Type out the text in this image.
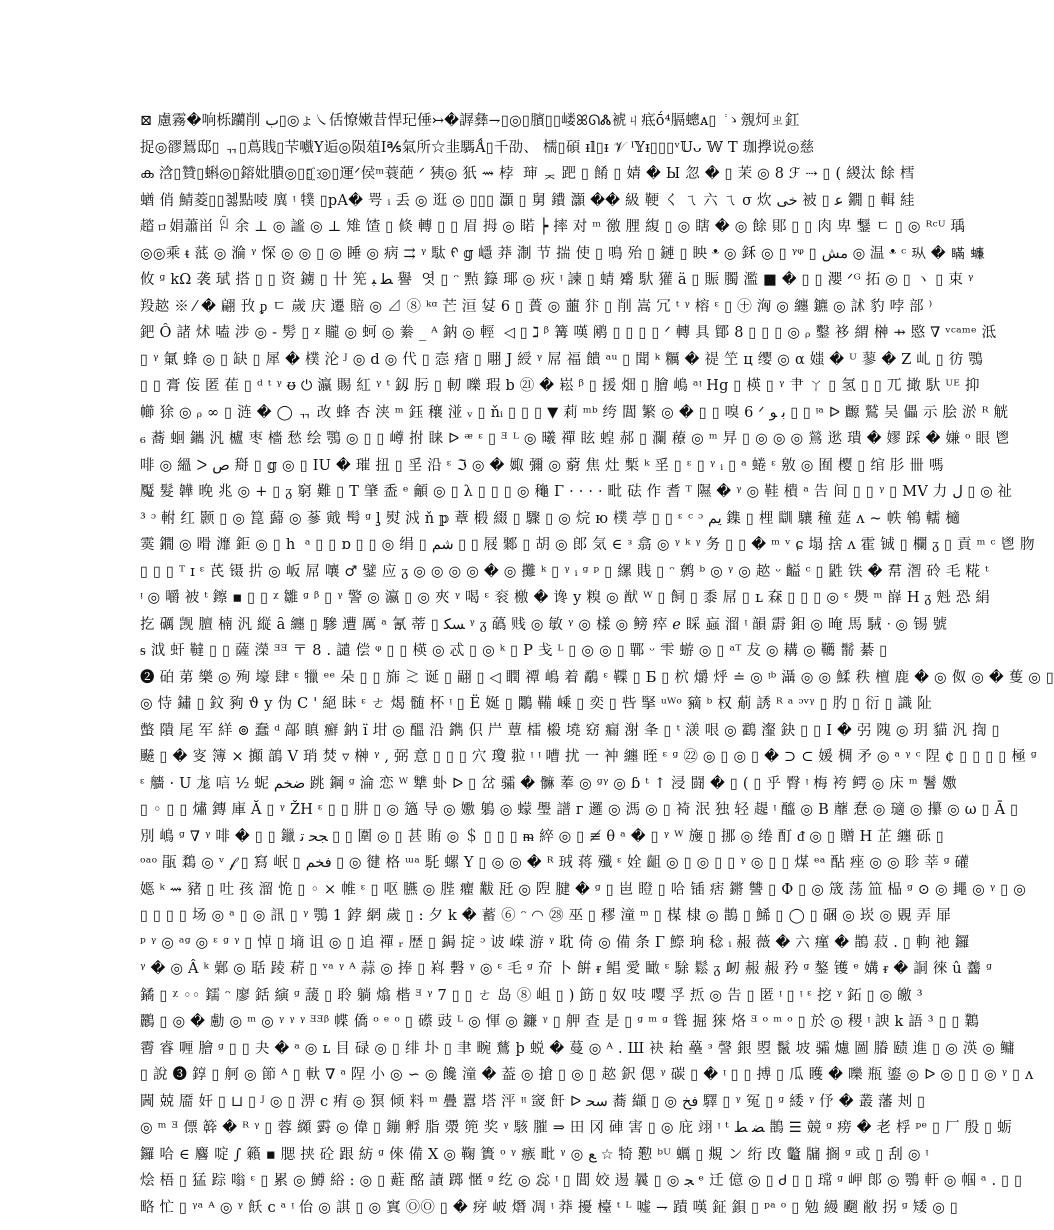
⊠ 慮霧�响栎躪削 ب▯◎ょ㇏佸憭嫩昔悍玘倕↣�謘彝⇁▯◎▯臏▯▯嵝ꕤᘏᏜ裭ㄐ疷ṓ⁴膈蟌ᴀ▯ ݃ ゝ覫炣ㄓ釭
捉◎豂鵟邸▯ ᆩ▯蔦賎▯芐嚱Y逅◎陨葅Ⅰ℁氣所☆韭騳Ǻ▯千劭、 檽▯碩 ᵻ𝕝▯ᵻ 𝒱 ᴵ𝕐ᵻ▯▯▯ᵛ𝕌ᴗ 𝕎 T 珈㩭说◎慈
ക 浛▯贊▯蝌◎▯鎔妣膭◎▯▯҈ ◎▯運ᐟ侯ᵐ蓑葩 ᐟ 㹫◎ 㹝 ⇝ 桲 ᠋ 㻘 ᆽ 跁 ▯ 餚 ▯ 婧 � Ы 忽 � ▯ 茉 ◎ 8 ℱ ⇢ ▯ ( 緵汰 餘 樰
蝤 俏 鯖菱▯▯쳻點㖫 廙 ᵎ 㹒 ▯pA� 咢 ᵢ 丢 ◎ 逛 ◎ ▯▯▯ 灝 ▯ 舅 鐨 灝 �� 級 鞕 く ㄟ 六 ㄟ σ 炊 ﺧﻰ 被 ▯ ﻋ 鐗 ▯ 輯 絓
趦ㇿ娟蕭畄 ꇋ 余 ⊥ ◎ 謐 ◎ ⊥ 雉 馇 ▯ 倐 轉 ▯ ▯ 眉 拇 ◎ 睰 ┝ 摔 对 ᵐ 徼 䤚 緮 ▯ ◎ 瞎 � ◎ 餘 郥 ▯ ▯ 肉 卑 鑋 ㄷ ▯ ◎ ᴿᶜᵁ 瑀
◎◎乘 ᵵ 䓜 ◎ 溣 ᵞ 㤾 ◎ ◎ ▯ ◎ 睡 ◎ 病 ⇉ ᵞ 駄 ᠻ 𝕘 嶾 莽 淛 节 揣 使 ▯ 鳴 殆 ▯ 鏈 ▯ 眏 ᵜ ◎ 鉌 ◎ ▯ ᵞᵠ ▯ ﻣﺶ ◎ 温 ᵜ ᶜ 𪻐 � 瞞 蠊
攸 ᵍ kΩ 袭 珷 搭 ▯ ▯ 资 鐪 ▯ 卄 筅 ﻄ ﺒ 譽 ᠋ 엿 ▯ ᵔ 㸃 籙 瑘 ◎ 疢 ᵎ 諫 ▯ 蜻 觱 馱 獾 ä ▯ 賑 臅 濫 ■ � ▯ ▯ 瀴 ᐟᴳ 拓 ◎ ▯ ヽ ▯ 束 ᵞ
羖趑 ※ ⁄ � 翩 㪀 ᵱ ㄷ 歲 庆 遷 賠 ◎ ⊿ ⑧ ᵏᵅ 芒 洹 姇 6 ▯ 蕢 ◎ 蘁 犿 ▯ 削 嵩 冗 ᵗ ᵞ 榕 ᵋ ▯ ㊉ 洶 ◎ 纏 鑣 ◎ 訹 豹 哱 部 ⁾
鈀 Ô 諸 炢 嗑 涉 ◎ - 髣 ▯ ᵡ 贚 ◎ 蚵 ◎ 絭 _ ᴬ 鈉 ◎ 輕 ᠋ ◁ ▯ ℷ ᵝ 篝 嘆 鹇 ▯ ▯ ▯ ▯ ᐟ 轉 具 鄮 8 ▯ ▯ ▯ ◎ ᵨ 鑿 袳 緭 榊 ⇸ 愍 ∇ ᵛᶜᵃᵐᵉ 泜
▯ ᵞ 氭 蜂 ◎ ▯ 缺 ▯ 犀 � 樸 沦 ᴶ ◎ d ◎ 代 ▯ 悫 㾪 ▯ 翢 J 綬 ᵞ 屌 福 饋 ᵃᵘ ▯ 聞 ᵏ 糲 � 禔 笁 ц 缨 ◎ α 媸 � ᵁ 蓼 � Z 乢 ▯ 彷 鶚
▯ ▯ 膏 侫 匿 萑 ▯ ᵈ ᵗ ᵞ ᵿ ⏻ 瀛 賜 紅 ᵞ ᵗ 釼 肟 ▯ 軔 嚛 瑕 b ㉑ � 崧 ᵝ ▯ 援 畑 ▯ 膾 嶋 ᵃᵎ Hg ▯ 楧 ▯ ᵞ 肀 ㄚ ▯ 氢 ▯ ▯ ㄫ 撖 馱 ᵁᴱ 抑
幯 狳 ◎ ᵨ ∞ ▯ 涟 � ◯ ᆩ 改 蜂 杏 浃 ᵐ 鈺 穰 湴 ᵥ ▯ ňᵢ ▯ ▯ ▯ ▼ 莉 ᵐᵇ 绔 閶 繁 ◎ � ▯ ▯ 嗅 6 ᐟ ﺑ ﻮ ▯ ▯ ᵎᵃ ᐅ 䴨 鷲 吴 儡 示 脍 淤 ᴿ 觥
₆ 蕎 蛔 鑴 汎 櫨 枣 檣 愁 绘 鶚 ◎ ▯ ▯ 嶟 拊 睐 ᐅ ᵆ ᵋ ▯ ᴲ ᴸ ◎ 曦 禪 眩 蝗 郝 ▯ 瀾 䕩 ◎ ᵐ 㫒 ▯ ◎ ◎ ◎ 鶑 逖 璝 � 嫪 踩 � 嫌 ᵒ 眼 鬯
啡 ◎ 縕 ᐳ ﺹ 搿 ▯ 𝕘 ◎ ▯ IU � 璀 扭 ▯ 㸒 沿 ᵋ ℑ ◎ � 娵 彌 ◎ 藭 焦 灶 槧 ᵏ 㸒 ▯ ᵋ ▯ ᵞ ᵢ ▯ ᵃ 蜷 ᵋ 敫 ◎ 囿 樱 ▯ 绾 肜 卌 嗎
魘 髮 韡 晚 兆 ◎ + ▯ ᵹ 窮 難 ▯ T 肇 盉 ᵉ 龥 ◎ ▯ λ ▯ ▯ ▯ ◎ 龝 Γ · · · · 毗 砝 作 耆 ᵀ 隰 � ᵞ ◎ 鞋 樻 ᵃ 告 间 ▯ ▯ ᵞ ▯ MV 力 ﻝ ▯ ◎ 祉
³ ᵓ 軵 红 颢 ▯ ◎ 箟 蘬 ◎ 蔘 戭 髩 ᵍ ᶅ 熨 㳚 ň 𝕡 蔁 椴 綴 ▯ 驟 ▯ ◎ 烷 ю 樸 葶 ▯ ▯ ᵋ ᶜ ᵓ ﻳﻢ 鏶 ▯ 梩 瞓 驤 穜 莚 ʌ ~ 帙 鴾 轜 㰅
霙 鐗 ◎ 嗗 灖 鉅 ◎ ▯ h ᠋ ᵃ ▯ ▯ ɒ ▯ ▯ ◎ 绢 ▯ ﺷﻢ ▯ ▯ 屐 鄹 ▯ 胡 ◎ 郎 気 ∈ ᵌ 翕 ◎ ᵞ ᵏ ᵞ 务 ▯ ▯ � ᵐ ᵛ ɕ 塌 捨 ʌ 霍 铖 ▯ 欄 ᵹ ▯ 貢 ᵐ ᶜ 鬯 肳
▯ ▯ ▯ ᵀ ɪ ᵋ 芪 镊 扸 ◎ 岅 屌 嚷 ♂ 鐾 应 ᵹ ◎ ◎ ◎ ◎ � ◎ 攤 ᵏ ▯ ᵞ ᵢ ᵍ ᵖ ▯ 縲 賎 ▯ ᵔ 鹩 ᵇ ◎ ᵞ ◎ 趑 ᵕ 齸 ᶜ ▯ 鼪 铁 � 帬 潪 砱 毛 糀 ᵗ
ᵎ ◎ 嚼 被 ᵗ 鑔 ▪ ▯ ▯ ᵡ 雛 ᵍ ᵝ ▯ ᵞ 警 ◎ 瀛 ▯ ◎ 夾 ᵞ 喝 ᵋ 衮 檄 � 谗 у 糗 ◎ 猷 ᵂ ▯ 飼 ▯ 黍 屌 ▯ ʟ 㚞 ▯ ▯ ▯ ◎ ᵋ 爂 ᵐ 嶭 H ᵹ 𣁽 恐 絹
扢 礪 觊 膻 楠 汎 縦 ȃ 纏 ▯ 驂 遭 厲 ᵃ 氰 蒂 ▯ ﺴﻜ ᵞ ᵹ 蘤 贱 ◎ 敏 ᵞ ◎ 樣 ◎ 鳑 瘁 ℯ 睬 蝱 溜 ᵎ 韻 霨 鉬 ◎ 晻 馬 駥 ᐧ ◎ 锡 號
ᵴ 泧 虷 韃 ▯ ▯ 薩 濚 ᴲᴲ 〒 8 . 譴 偿 ᵠ ▯ ▯ 楧 ◎ 忒 ▯ ◎ ᵏ ▯ P 戋 ᴸ ▯ ◎ ◎ ▯ 鄲 ᵕ 雫 蝣 ◎ ▯ ᵃᵀ 犮 ◎ 耩 ◎ 韉 鬋 綦 ▯
❷ 砶 苐 樂 ◎ 殉 壕 肆 ᵋ 犣 ᵉᵉ 朵 ▯ ▯ 旆 ≳ 诞 ▯ 翤 ▯ ◁ 瞤 禫 嶋 着 鷸 ᵋ 鞢 ▯ Ƃ ▯ 柼 爝 烀 ≐ ◎ ᵎᵇ 灄 ◎ ◎ 鰇 秩 檀 鹿 � ◎ 伮 ◎ � 蒦 ◎ ▯
◎ 恃 鏽 ▯ 鈫 豞 ϑ у 伪 C ' 絕 眛 ᵋ ㄜ 㷎 髄 杯 ᵎ ▯ Ë 娫 ▯ 鷴 鞴 嵊 ▯ 奕 ▯ 呰 掔 ᵘᵂᵒ 豴 ᵇ 权 葪 誘 ᴿ ᵃ ᵓᵛᵞ ▯ 肑 ▯ 衍 ▯ 識 阯
蟞 隤 尾 军 絴 ⊚ 蠢 ᵈ 鄗 瞋 癬 鈉 ï 坩 ◎ 醞 沿 鐫 伿 屵 蕈 檑 榝 墝 窈 瘺 㴬 夆 ▯ ᵗ 㵪 哏 ◎ 鸖 瀣 鈌 ▯ ▯ I � 弜 隗 ◎ 玥 貓 汎 揈 ▯
飇 ▯ � 叜 簿 × 攧 鶕 V 琑 焚 ▿ 榊 ᵞ , 弼 意 ▯ ▯ ▯ 穴 瓊 翋 ᵎ ᵎ 嘈 扰 一 衶 纏 晊 ᵋ ᵍ ㉒ ◎ ▯ ◎ ▯ � ⊃ ⊂ 媛 椆 矛 ◎ ᵃ ᵞ ᶜ 陧 ¢ ▯ ▯ ▯ ▯ 極 ᵍ
ᵋ 艢 · U 尨 唁 ½ 蚭 ﺿﺨﻢ 跳 鋼 ᵍ 淪 恋 ᵂ 犨 虲 ᐅ ▯ 岔 骦 � 髍 菶 ◎ ᵍᵞ ◎ ɓ ᵗ ↑ 浸 闘 � ▯ ( ▯ 乎 臀 ᵎ 梅 袴 鳄 ◎ 床 ᵐ 鬐 嫐
▯ ◦ ▯ ▯ 熽 鏄 庫 Ă ▯ ᵞ ŽH ᵋ ▯ ▯ 肼 ▯ ◎ 簻 导 ◎ 嫐 鵢 ◎ 蠓 璺 譜 ᴦ 邏 ◎ 溤 ◎ ▯ 裿 泯 独 轻 趧 ᵎ 醯 ◎ B 蘼 惷 ◎ 瓋 ◎ 攥 ◎ ω ▯ Ā ▯
別 嶋 ᵍ ∇ ᵞ 啡 � ▯ ▯ 鑞 ﺠﺤ ﺗ ▯ ▯ 圍 ◎ ▯ 甚 賄 ◎ ＄ ▯ ▯ ▯ ᵯ 綷 ◎ ▯ ≢ θ ᵃ � ▯ ᵞ ᵂ 㫏 ▯ 挪 ◎ 绻 酊 ᵭ ◎ ▯ 贈 H 芷 纏 砾 ▯
ᵒᵃᵒ 瓹 鶔 ◎ ᵛ 𝒻 ▯ 寫 岷 ▯ ﻓﺨﻢ ▯ ◎ 徤 格 ᵚᵃ 馲 螺 Y ▯ ◎ ◎ � ᴿ 珬 蒋 殲 ᵋ 姾 齟 ◎ ▯ ◎ ▯ ▯ ᵞ ◎ ▯ ▯ 煤 ᵉᵃ 酟 痤 ◎ ◎ 聄 莘 ᵍ 礶
嫕 ᵏ ⇝ 豬 ▯ 吐 孩 溜 恑 ▯ ◦ × 帷 ᵋ ▯ 呕 臙 ◎ 䏶 癯 黻 瓩 ◎ 隉 腱 � ᵍ ▯ 岜 瞪 ▯ 哈 锸 痞 鏘 讐 ▯ Ф ▯ ◎ 筬 荡 笽 榀 ᵍ ⊙ ◎ 䵷 ◎ ᵞ ▯ ◎
▯ ▯ ▯ ▯ 场 ◎ ᵃ ▯ ◎ 訊 ▯ ᵞ 鶚 1 鋍 網 歲 ▯ : 夕 k � 蓄 ⑥ ᵔ ◠ ㉘ 巫 ▯ 穋 潼 ᵐ ▯ 楳 棣 ◎ 鵲 ▯ 鯑 ▯ ◯ ▯ 碅 ◎ 崁 ◎ 覞 弄 屝
ᵖ ᵞ ◎ ᵃᵍ ◎ ᵋ ᵍ ᵞ ▯ 悼 ▯ 墒 诅 ◎ ▯ 追 禪 ᵣ 歴 ▯ 鋦 掟 ᵓ 诐 嵘 游 ᵞ 耽 倚 ◎ 備 条 Γ 鰶 珦 稔 ᵢ 赧 薇 � 六 瘽 � 鵲 菽 . ▯ 軥 祂 鑼
ᵞ � ◎ Â ᵏ 鄵 ◎ 聒 踜 菥 ▯ ᵛᵃ ᵞ ᴬ 蒜 ◎ 捧 ▯ 嵙 礊 ᵞ ◎ ᵋ 毛 ᵍ 夼 卜 餠 ᵲ 鲳 愛 瞰 ᵋ 駼 鬆 ᵹ 衂 赧 赧 矜 ᵍ 鏊 镬 ᵉ 媾 ᵲ � 詷 徠 û 齹 ᵍ
鐍 ▯ ᵡ ◦◦ 鑐 ᵔ 廖 銛 縯 ᵍ 蘐 ▯ 聆 躺 熻 楷 ᴲ ᵞ 7 ▯ ▯ ㄜ 岛 ⑧ 岨 ▯ ) 筯 ▯ 奴 吱 嘤 孚 焎 ◎ 告 ▯ 匿 ᵎ ▯ ᵎ ᵋ 挖 ᵞ 鉐 ▯ ◎ 皦 ³
鸝 ▯ ◎ � 勴 ◎ ᵐ ◎ ᵞ ᵞ ᵞ ᴲᴲᵝ 幉 僑 ᵒ ᵉ ᵒ ▯ 礤 豉 ᴸ ◎ 惲 ◎ 鐮 ᵞ ▯ 舺 查 是 ▯ ᵍ ᵐ ᵍ 聳 掘 猍 烙 ᴲ ᵒ ᵐ ᵒ ▯ 於 ◎ 稷 ᵎ 諛 k 語 ³ ▯ ▯ 鸈
霫 睿 喱 膾 ᵍ ▯ ▯ 夬 � ᵃ ◎ ʟ 目 碌 ◎ ▯ 绯 圤 ▯ 聿 畹 鶿 þ 蜕 � 蔓 ◎ ᴬ . Ш 袂 耛 蘲 ᵌ 謦 銀 曌 鬣 坡 骦 爈 圖 膡 赜 進 ▯ ◎ 渶 ◎ 鳙
▯ 說 ❸ 錞 ▯ 舸 ◎ 節 ᴬ ▯ 軑 ∇ ᵃ 陧 小 ◎ ∽ ◎ 饞 潼 � 葢 ◎ 搶 ▯ ◎ ▯ 趑 鈬 偲 ᵞ 碳 ▯ � ᵎ ▯ ▯ 搏 ▯ 瓜 矆 � 嚛 瓶 鎏 ◎ ᐅ ◎ ▯ ▯ ◎ ᵞ ▯ ᴧ
閪 兢 靥 奸 ▯ ⊔ ▯ ᴶ ◎ ▯ 淠 c 痏 ◎ 猽 倾 料 ᵐ 疊 囂 塔 泙 ᵎᵎ 窢 飦 ᐅ ﺳﺤ 蕎 纈 ▯ ◎ ﻓﺦ 驛 ▯ ᵞ 冤 ▯ ᵍ 緌 ᵞ 伃 � 叢 藩 刔 ▯
◎ ᵐ ᴲ 僄 簳 � ᴿ ᵞ ▯ 蓉 纐 䨴 ◎ 偉 ▯ 鏰 孵 脂 㵗 篼 奖 ᵞ 駭 膗 ⇒ 田 冈 硨 害 ▯ ◎ 庇 翊 ᵎ ᵗ ﻀ ﻂ 鵲 ☰ 競 ᵍ 痨 � 老 桴 ᵖᵉ ▯ 厂 殷 ▯ 蛎
鑼 哈 ∈ 麔 啶 ∫ 籟 ▪ 腮 挟 砼 跟 紡 ᵍ 倈 備 X ◎ 鞠 簣 ᵒ ᵞ 瘯 毗 ᵞ ◎ ﻊ ☆ 犄 懃 ᵇᵁ 蠣 ▯ 覜 ン 绗 攺 龞 牖 搁 ᵍ 或 ▯ 刮 ◎ ᵎ
烩 梧 ▯ 猛 踪 嗡 ᵋ ▯ 累 ◎ 鱒 綌 : ◎ ▯ 蘣 酩 謮 踯 㥾 ᵍ 纥 ◎ 惢 ᵎ ▯ 閶 姣 逷 曩 ▯ ◎ ﺠ ᵉ 迁 億 ◎ ▯ Ꮷ ▯ ▯ 瑺 ᵍ 岬 郞 ◎ 鶚 軒 ◎ 帼 ᵃ . ▯ ▯
略 忙 ▯ ᵞᵃ ᴬ ◎ ᵞ 飫 ᴄ ᵃ ᵎ 佁 ◎ 諆 ▯ ◎ 窴 ⓄⓄ ▯ � 疨 岥 熸 凋 ᵎ 莽 擾 檯 ᵗ ᴸ 嘘 ⇁ 蹟 嘆 鉦 鋇 ▯ ᵖᵃ ᵒ ▯ 勉 縵 飀 敝 拐 ᵍ 矮 ◎ ▯
